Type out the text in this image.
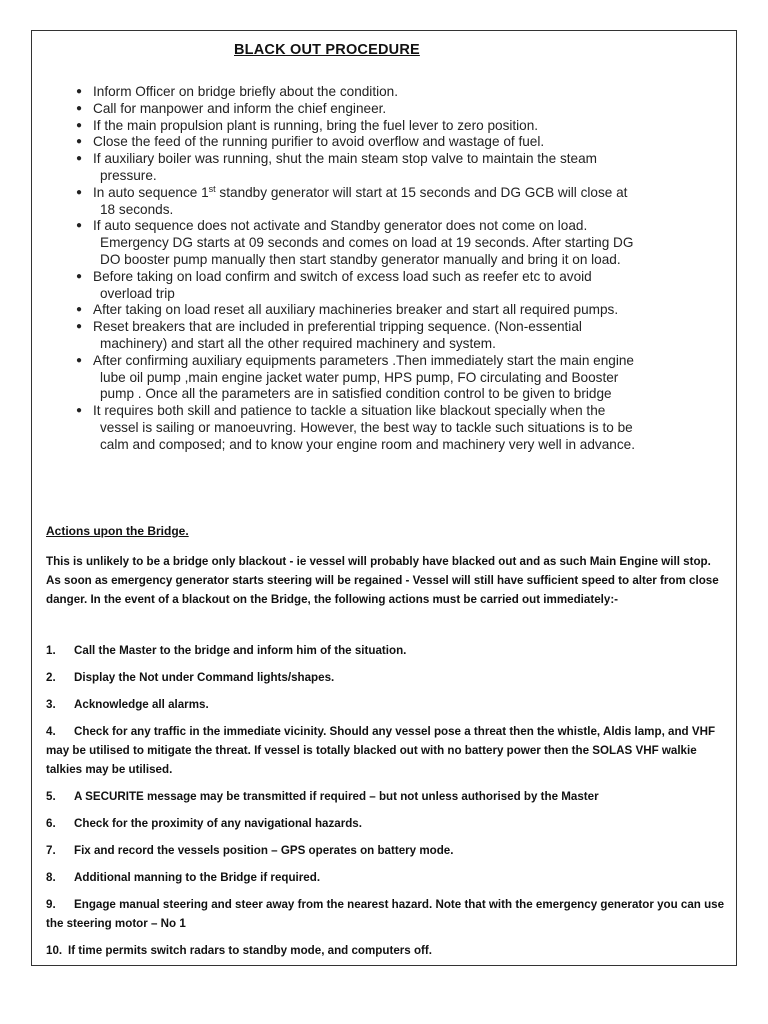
BLACK OUT PROCEDURE
● Inform Officer on bridge briefly about the condition.
● Call for manpower and inform the chief engineer.
● If the main propulsion plant is running, bring the fuel lever to zero position.
● Close the feed of the running purifier to avoid overflow and wastage of fuel.
● If auxiliary boiler was running, shut the main steam stop valve to maintain the steam
pressure.
● In auto sequence 1st standby generator will start at 15 seconds and DG GCB will close at
18 seconds.
● If auto sequence does not activate and Standby generator does not come on load.
Emergency DG starts at 09 seconds and comes on load at 19 seconds. After starting DG
DO booster pump manually then start standby generator manually and bring it on load.
● Before taking on load confirm and switch of excess load such as reefer etc to avoid
overload trip
● After taking on load reset all auxiliary machineries breaker and start all required pumps.
● Reset breakers that are included in preferential tripping sequence. (Non-essential
machinery) and start all the other required machinery and system.
● After confirming auxiliary equipments parameters .Then immediately start the main engine
lube oil pump ,main engine jacket water pump, HPS pump, FO circulating and Booster
pump . Once all the parameters are in satisfied condition control to be given to bridge
● It requires both skill and patience to tackle a situation like blackout specially when the
vessel is sailing or manoeuvring. However, the best way to tackle such situations is to be
calm and composed; and to know your engine room and machinery very well in advance.
Actions upon the Bridge.

This is unlikely to be a bridge only blackout - ie vessel will probably have blacked out and as such Main Engine will stop. As soon as emergency generator starts steering will be regained - Vessel will still have sufficient speed to alter from close danger. In the event of a blackout on the Bridge, the following actions must be carried out immediately:-

1. Call the Master to the bridge and inform him of the situation.
2. Display the Not under Command lights/shapes.
3. Acknowledge all alarms.
4. Check for any traffic in the immediate vicinity. Should any vessel pose a threat then the whistle, Aldis lamp, and VHF may be utilised to mitigate the threat. If vessel is totally blacked out with no battery power then the SOLAS VHF walkie talkies may be utilised.
5. A SECURITE message may be transmitted if required – but not unless authorised by the Master
6. Check for the proximity of any navigational hazards.
7. Fix and record the vessels position – GPS operates on battery mode.
8. Additional manning to the Bridge if required.
9. Engage manual steering and steer away from the nearest hazard. Note that with the emergency generator you can use the steering motor – No 1
10. If time permits switch radars to standby mode, and computers off.
